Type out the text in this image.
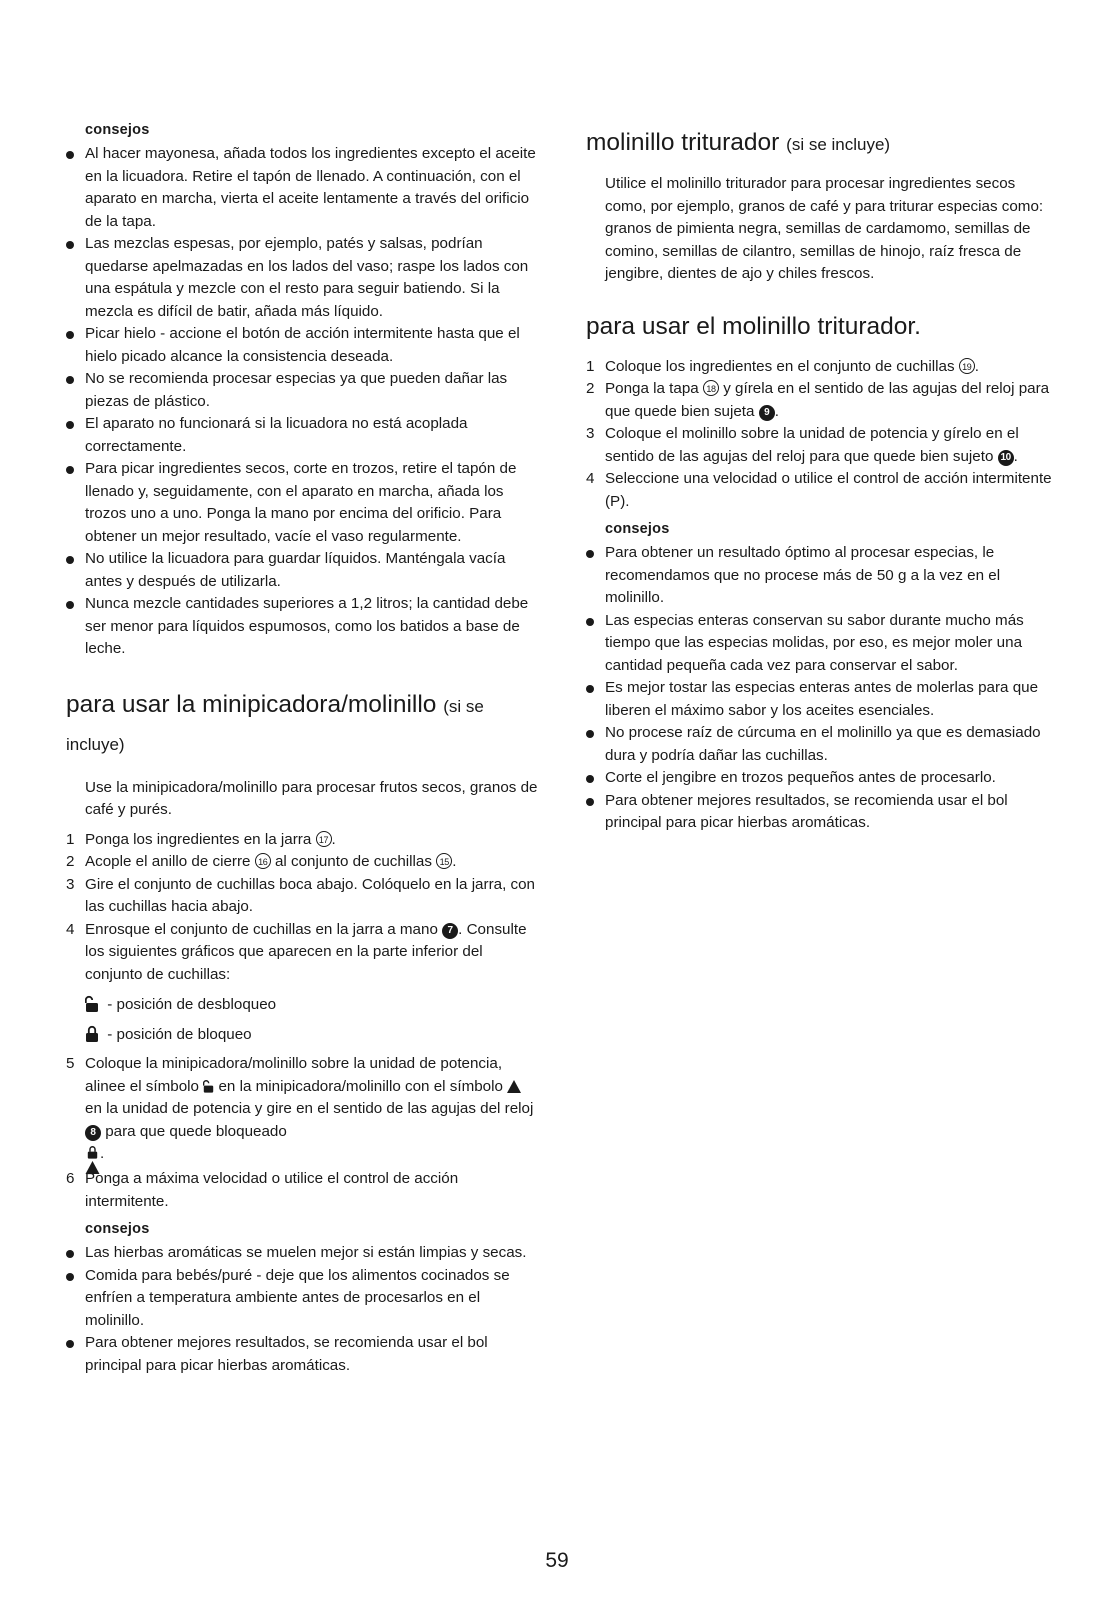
consejos
Al hacer mayonesa, añada todos los ingredientes excepto el aceite en la licuadora. Retire el tapón de llenado. A continuación, con el aparato en marcha, vierta el aceite lentamente a través del orificio de la tapa.
Las mezclas espesas, por ejemplo, patés y salsas, podrían quedarse apelmazadas en los lados del vaso; raspe los lados con una espátula y mezcle con el resto para seguir batiendo. Si la mezcla es difícil de batir, añada más líquido.
Picar hielo - accione el botón de acción intermitente hasta que el hielo picado alcance la consistencia deseada.
No se recomienda procesar especias ya que pueden dañar las piezas de plástico.
El aparato no funcionará si la licuadora no está acoplada correctamente.
Para picar ingredientes secos, corte en trozos, retire el tapón de llenado y, seguidamente, con el aparato en marcha, añada los trozos uno a uno. Ponga la mano por encima del orificio. Para obtener un mejor resultado, vacíe el vaso regularmente.
No utilice la licuadora para guardar líquidos. Manténgala vacía antes y después de utilizarla.
Nunca mezcle cantidades superiores a 1,2 litros; la cantidad debe ser menor para líquidos espumosos, como los batidos a base de leche.
para usar la minipicadora/molinillo (si se incluye)

Use la minipicadora/molinillo para procesar frutos secos, granos de café y purés.

1 Ponga los ingredientes en la jarra 17 .
2 Acople el anillo de cierre 16 al conjunto de cuchillas 15 .
3 Gire el conjunto de cuchillas boca abajo. Colóquelo en la jarra, con las cuchillas hacia abajo.
4 Enrosque el conjunto de cuchillas en la jarra a mano 7 . Consulte los siguientes gráficos que aparecen en la parte inferior del conjunto de cuchillas:
- posición de desbloqueo
- posición de bloqueo
5 Coloque la minipicadora/molinillo sobre la unidad de potencia, alinee el símbolo en la minipicadora/molinillo con el símbolo  en la unidad de potencia y gire en el sentido de las agujas del reloj 8 para que quede bloqueado

.
6 Ponga a máxima velocidad o utilice el control de acción intermitente.
consejos
Las hierbas aromáticas se muelen mejor si están limpias y secas.
Comida para bebés/puré - deje que los alimentos cocinados se enfríen a temperatura ambiente antes de procesarlos en el molinillo.
Para obtener mejores resultados, se recomienda usar el bol principal para picar hierbas aromáticas.
molinillo triturador (si se incluye)

Utilice el molinillo triturador para procesar ingredientes secos como, por ejemplo, granos de café y para triturar especias como: granos de pimienta negra, semillas de cardamomo, semillas de comino, semillas de cilantro, semillas de hinojo, raíz fresca de jengibre, dientes de ajo y chiles frescos.

para usar el molinillo triturador.
1 Coloque los ingredientes en el conjunto de cuchillas 19 .
2 Ponga la tapa 18 y gírela en el sentido de las agujas del reloj para que quede bien sujeta 9 .
3 Coloque el molinillo sobre la unidad de potencia y gírelo en el sentido de las agujas del reloj para que quede bien sujeto 10 .
4 Seleccione una velocidad o utilice el control de acción intermitente (P).
consejos
Para obtener un resultado óptimo al procesar especias, le recomendamos que no procese más de 50 g a la vez en el molinillo.
Las especias enteras conservan su sabor durante mucho más tiempo que las especias molidas, por eso, es mejor moler una cantidad pequeña cada vez para conservar el sabor.
Es mejor tostar las especias enteras antes de molerlas para que liberen el máximo sabor y los aceites esenciales.
No procese raíz de cúrcuma en el molinillo ya que es demasiado dura y podría dañar las cuchillas.
Corte el jengibre en trozos pequeños antes de procesarlo.
Para obtener mejores resultados, se recomienda usar el bol principal para picar hierbas aromáticas.
59
